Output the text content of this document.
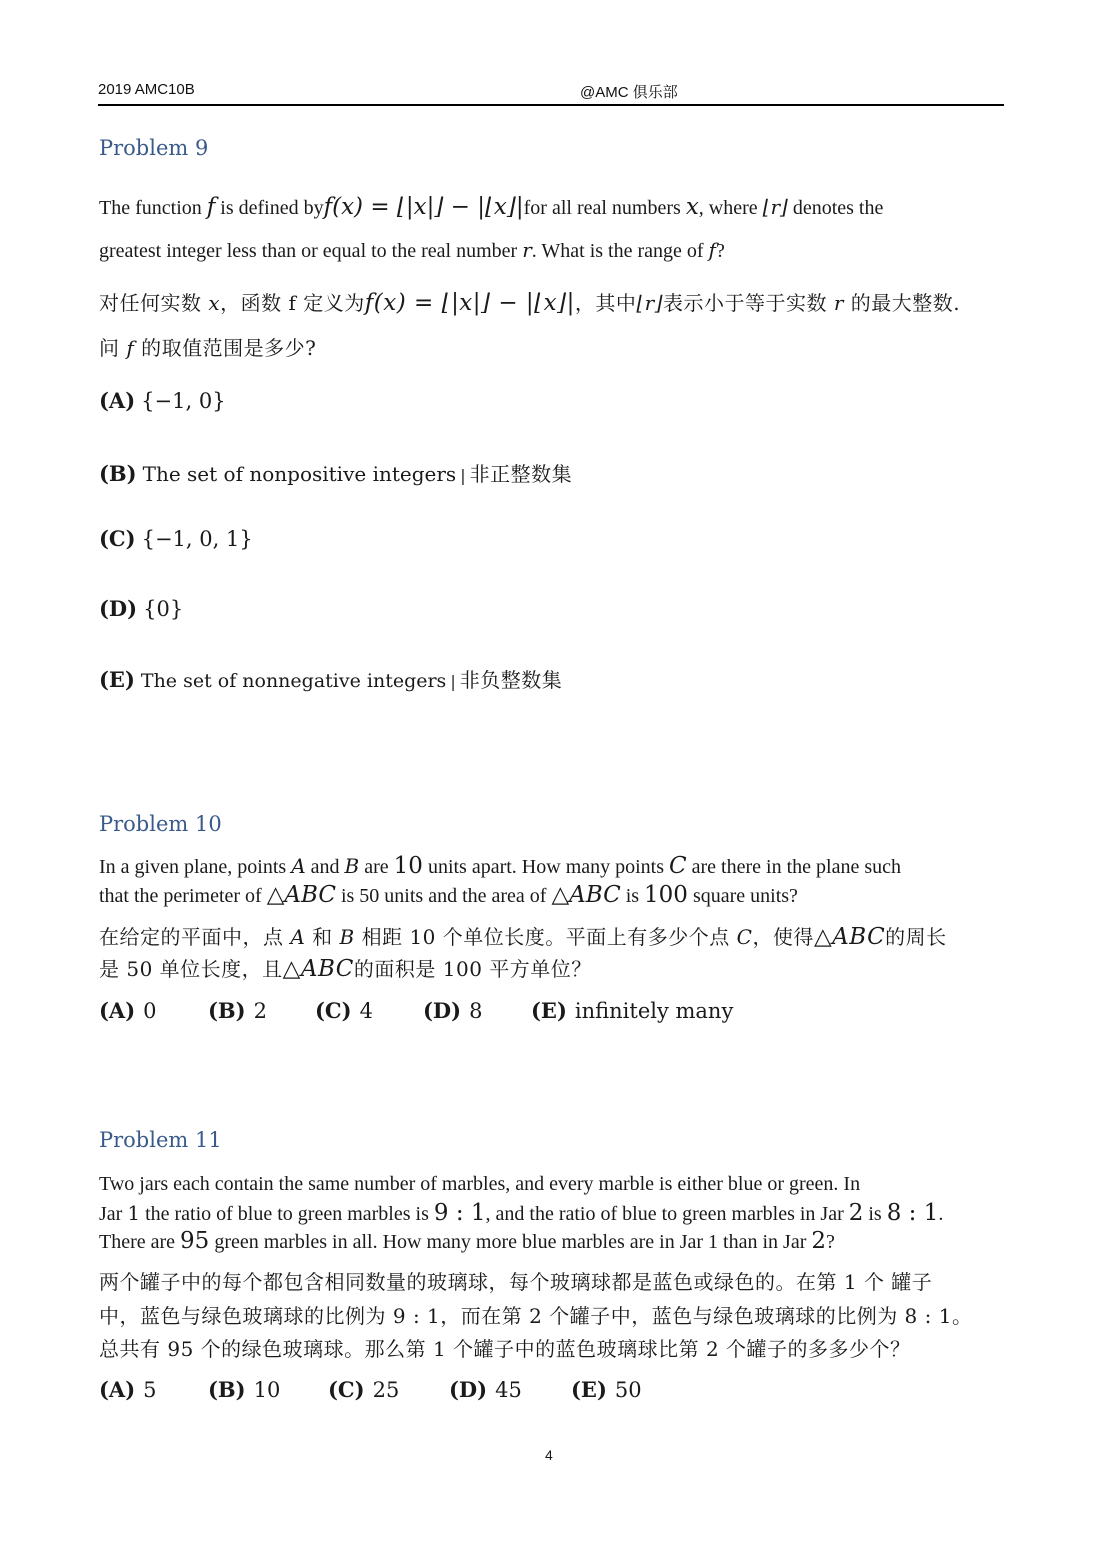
2019 AMC10B	@AMC 俱乐部
Problem 9
The function f is defined byf(x) = ⌊|x|⌋ − |⌊x⌋|for all real numbers x, where ⌊r⌋ denotes the
greatest integer less than or equal to the real number r. What is the range of f?
对任何实数 x，函数 f 定义为f(x) = ⌊|x|⌋ − |⌊x⌋|，其中⌊r⌋表示小于等于实数 r 的最大整数.
问 f 的取值范围是多少?
(A) {−1, 0}
(B) The set of nonpositive integers | 非正整数集
(C) {−1, 0, 1}
(D) {0}
(E) The set of nonnegative integers | 非负整数集
Problem 10
In a given plane, points A and B are 10 units apart. How many points C are there in the plane such
that the perimeter of △ABC is 50 units and the area of △ABC is 100 square units?
在给定的平面中，点 A 和 B 相距 10 个单位长度。平面上有多少个点 C，使得△ABC的周长
是 50 单位长度，且△ABC的面积是 100 平方单位？
(A) 0 (B) 2 (C) 4 (D) 8 (E) infinitely many
Problem 11
Two jars each contain the same number of marbles, and every marble is either blue or green. In
Jar 1 the ratio of blue to green marbles is 9 : 1, and the ratio of blue to green marbles in Jar 2 is 8 : 1.
There are 95 green marbles in all. How many more blue marbles are in Jar 1 than in Jar 2?
两个罐子中的每个都包含相同数量的玻璃球，每个玻璃球都是蓝色或绿色的。在第 1 个 罐子
中，蓝色与绿色玻璃球的比例为 9 : 1，而在第 2 个罐子中，蓝色与绿色玻璃球的比例为 8 : 1。
总共有 95 个的绿色玻璃球。那么第 1 个罐子中的蓝色玻璃球比第 2 个罐子的多多少个？
(A) 5 (B) 10 (C) 25 (D) 45 (E) 50
4
